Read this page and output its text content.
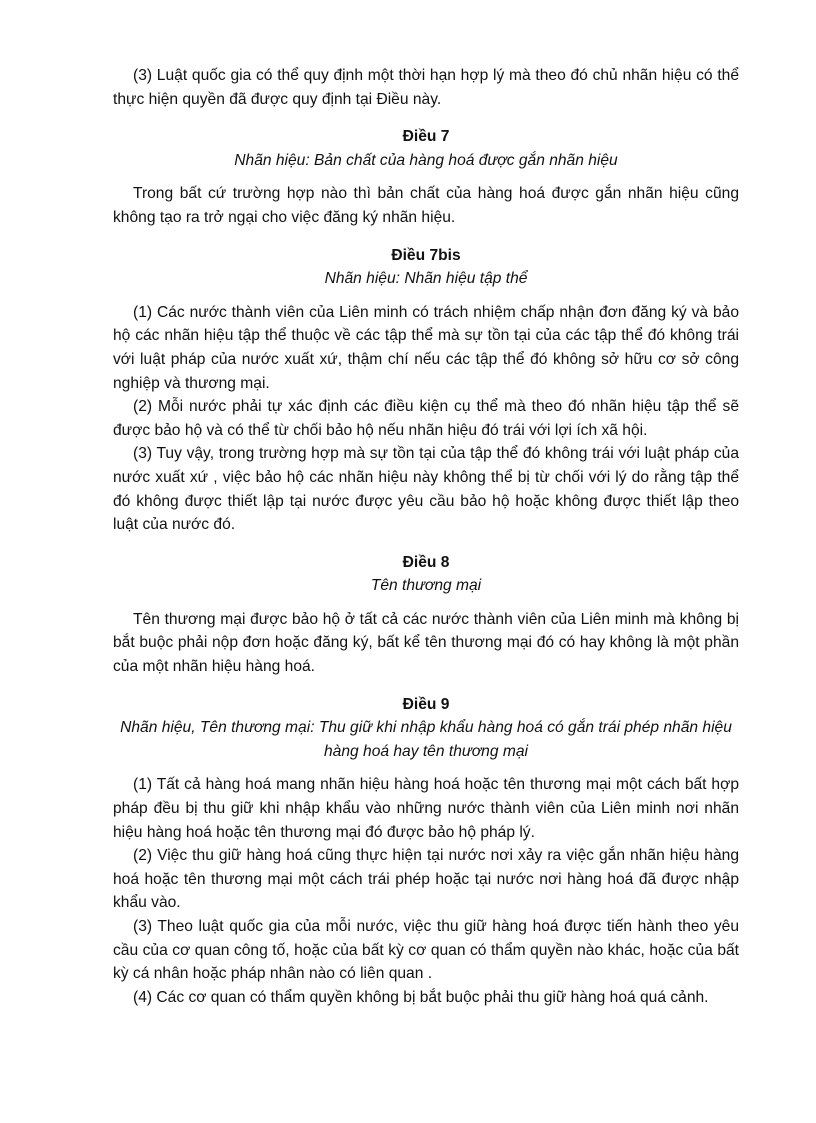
(3) Luật quốc gia có thể quy định một thời hạn hợp lý mà theo đó chủ nhãn hiệu có thể thực hiện quyền đã được quy định tại Điều này.

Điều 7
Nhãn hiệu: Bản chất của hàng hoá được gắn nhãn hiệu

Trong bất cứ trường hợp nào thì bản chất của hàng hoá được gắn nhãn hiệu cũng không tạo ra trở ngại cho việc đăng ký nhãn hiệu.

Điều 7bis
Nhãn hiệu: Nhãn hiệu tập thể

(1) Các nước thành viên của Liên minh có trách nhiệm chấp nhận đơn đăng ký và bảo hộ các nhãn hiệu tập thể thuộc về các tập thể mà sự tồn tại của các tập thể đó không trái với luật pháp của nước xuất xứ, thậm chí nếu các tập thể đó không sở hữu cơ sở công nghiệp và thương mại.

(2) Mỗi nước phải tự xác định các điều kiện cụ thể mà theo đó nhãn hiệu tập thể sẽ được bảo hộ và có thể từ chối bảo hộ nếu nhãn hiệu đó trái với lợi ích xã hội.

(3) Tuy vậy, trong trường hợp mà sự tồn tại của tập thể đó không trái với luật pháp của nước xuất xứ , việc bảo hộ các nhãn hiệu này không thể bị từ chối với lý do rằng tập thể đó không được thiết lập tại nước được yêu cầu bảo hộ hoặc không được thiết lập theo luật của nước đó.

Điều 8
Tên thương mại

Tên thương mại được bảo hộ ở tất cả các nước thành viên của Liên minh mà không bị bắt buộc phải nộp đơn hoặc đăng ký, bất kể tên thương mại đó có hay không là một phần của một nhãn hiệu hàng hoá.

Điều 9
Nhãn hiệu, Tên thương mại: Thu giữ khi nhập khẩu hàng hoá có gắn trái phép nhãn hiệu hàng hoá hay tên thương mại

(1) Tất cả hàng hoá mang nhãn hiệu hàng hoá hoặc tên thương mại một cách bất hợp pháp đều bị thu giữ khi nhập khẩu vào những nước thành viên của Liên minh nơi nhãn hiệu hàng hoá hoặc tên thương mại đó được bảo hộ pháp lý.

(2) Việc thu giữ hàng hoá cũng thực hiện tại nước nơi xảy ra việc gắn nhãn hiệu hàng hoá hoặc tên thương mại một cách trái phép hoặc tại nước nơi hàng hoá đã được nhập khẩu vào.

(3) Theo luật quốc gia của mỗi nước, việc thu giữ hàng hoá được tiến hành theo yêu cầu của cơ quan công tố, hoặc của bất kỳ cơ quan có thẩm quyền nào khác, hoặc của bất kỳ cá nhân hoặc pháp nhân nào có liên quan .

(4) Các cơ quan có thẩm quyền không bị bắt buộc phải thu giữ hàng hoá quá cảnh.
